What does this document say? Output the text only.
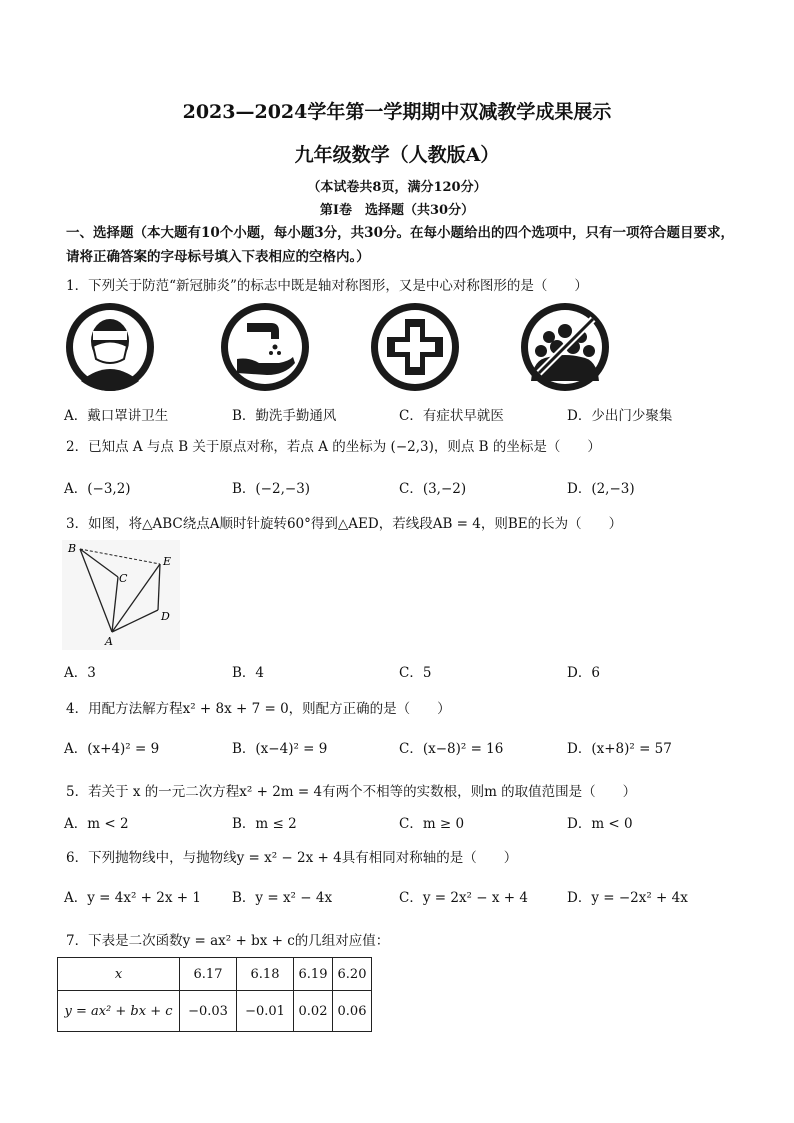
2023—2024学年第一学期期中双减教学成果展示
九年级数学（人教版A）
（本试卷共8页，满分120分）
第Ⅰ卷　选择题（共30分）
一、选择题（本大题有10个小题，每小题3分，共30分。在每小题给出的四个选项中，只有一项符合题目要求，请将正确答案的字母标号填入下表相应的空格内。）
1．下列关于防范“新冠肺炎”的标志中既是轴对称图形，又是中心对称图形的是（　　）
A．戴口罩讲卫生	B．勤洗手勤通风	C．有症状早就医	D．少出门少聚集
2．已知点 A 与点 B 关于原点对称，若点 A 的坐标为 (−2,3)，则点 B 的坐标是（　　）
A．(−3,2)	B．(−2,−3)	C．(3,−2)	D．(2,−3)
3．如图，将△ABC绕点A顺时针旋转60°得到△AED，若线段AB = 4，则BE的长为（　　）
B
C
E
D
A
A．3	B．4	C．5	D．6
4．用配方法解方程x² + 8x + 7 = 0，则配方正确的是（　　）
A．(x+4)² = 9	B．(x−4)² = 9	C．(x−8)² = 16	D．(x+8)² = 57
5．若关于 x 的一元二次方程x² + 2m = 4有两个不相等的实数根，则m 的取值范围是（　　）
A．m < 2	B．m ≤ 2	C．m ≥ 0	D．m < 0
6．下列抛物线中，与抛物线y = x² − 2x + 4具有相同对称轴的是（　　）
A．y = 4x² + 2x + 1 B．y = x² − 4x	C．y = 2x² − x + 4	D．y = −2x² + 4x
7．下表是二次函数y = ax² + bx + c的几组对应值：
x	6.17	6.18	6.19	6.20
y = ax² + bx + c	−0.03	−0.01	0.02	0.06
